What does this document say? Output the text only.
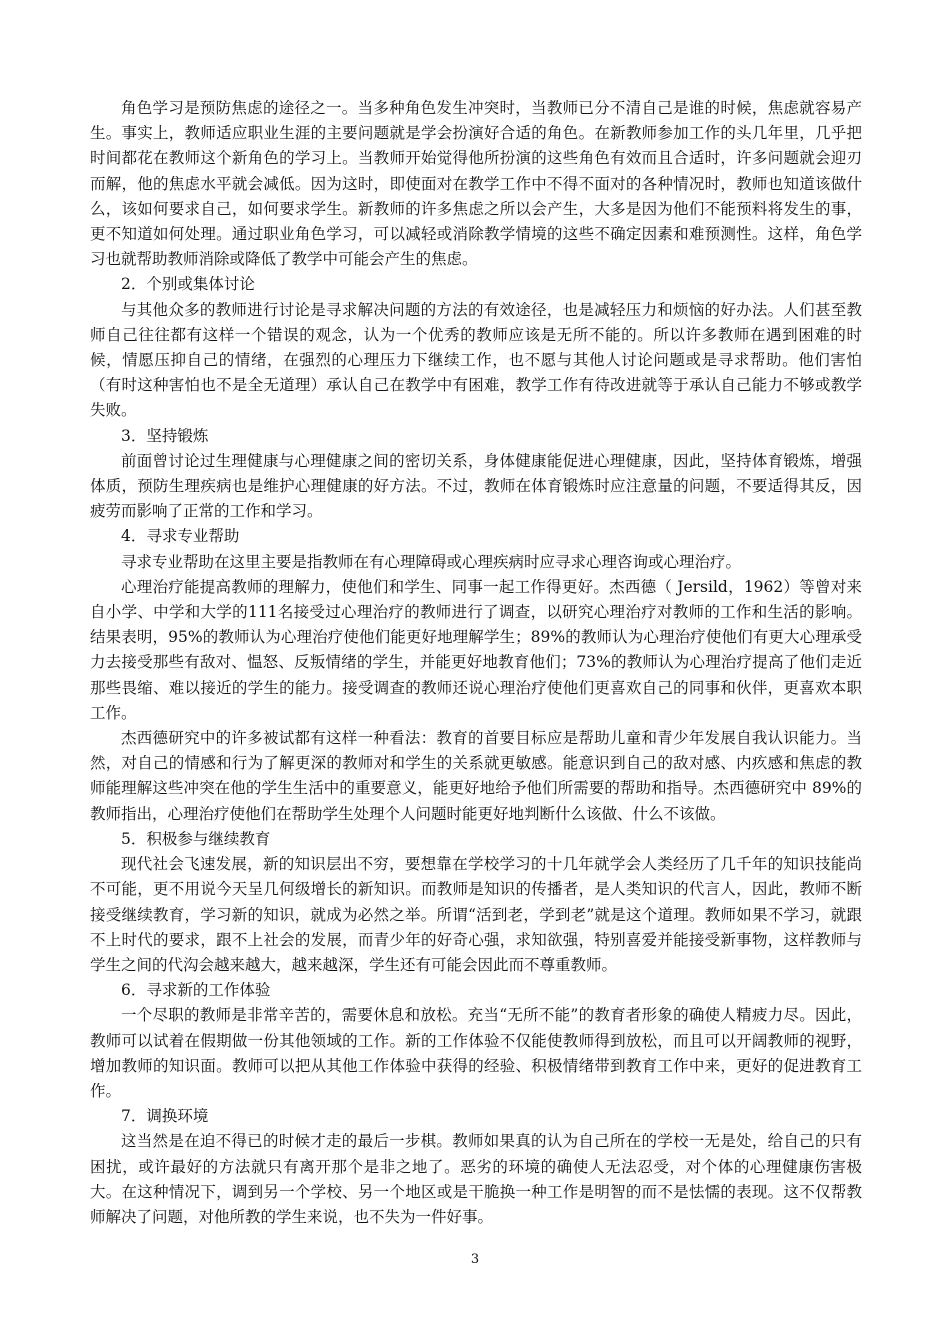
角色学习是预防焦虑的途径之一。当多种角色发生冲突时，当教师已分不清自己是谁的时候，焦虑就容易产生。事实上，教师适应职业生涯的主要问题就是学会扮演好合适的角色。在新教师参加工作的头几年里，几乎把时间都花在教师这个新角色的学习上。当教师开始觉得他所扮演的这些角色有效而且合适时，许多问题就会迎刃而解，他的焦虑水平就会减低。因为这时，即使面对在教学工作中不得不面对的各种情况时，教师也知道该做什么，该如何要求自己，如何要求学生。新教师的许多焦虑之所以会产生，大多是因为他们不能预料将发生的事，更不知道如何处理。通过职业角色学习，可以减轻或消除教学情境的这些不确定因素和难预测性。这样，角色学习也就帮助教师消除或降低了教学中可能会产生的焦虑。

2．个别或集体讨论

与其他众多的教师进行讨论是寻求解决问题的方法的有效途径，也是减轻压力和烦恼的好办法。人们甚至教师自己往往都有这样一个错误的观念，认为一个优秀的教师应该是无所不能的。所以许多教师在遇到困难的时候，情愿压抑自己的情绪，在强烈的心理压力下继续工作，也不愿与其他人讨论问题或是寻求帮助。他们害怕（有时这种害怕也不是全无道理）承认自己在教学中有困难，教学工作有待改进就等于承认自己能力不够或教学失败。

3．坚持锻炼

前面曾讨论过生理健康与心理健康之间的密切关系，身体健康能促进心理健康，因此，坚持体育锻炼，增强体质，预防生理疾病也是维护心理健康的好方法。不过，教师在体育锻炼时应注意量的问题，不要适得其反，因疲劳而影响了正常的工作和学习。

4．寻求专业帮助

寻求专业帮助在这里主要是指教师在有心理障碍或心理疾病时应寻求心理咨询或心理治疗。

心理治疗能提高教师的理解力，使他们和学生、同事一起工作得更好。杰西德（ Jersild，1962）等曾对来自小学、中学和大学的111名接受过心理治疗的教师进行了调查，以研究心理治疗对教师的工作和生活的影响。结果表明，95%的教师认为心理治疗使他们能更好地理解学生；89%的教师认为心理治疗使他们有更大心理承受力去接受那些有敌对、愠怒、反叛情绪的学生，并能更好地教育他们；73%的教师认为心理治疗提高了他们走近那些畏缩、难以接近的学生的能力。接受调查的教师还说心理治疗使他们更喜欢自己的同事和伙伴，更喜欢本职工作。

杰西德研究中的许多被试都有这样一种看法：教育的首要目标应是帮助儿童和青少年发展自我认识能力。当然，对自己的情感和行为了解更深的教师对和学生的关系就更敏感。能意识到自己的敌对感、内疚感和焦虑的教师能理解这些冲突在他的学生生活中的重要意义，能更好地给予他们所需要的帮助和指导。杰西德研究中 89%的教师指出，心理治疗使他们在帮助学生处理个人问题时能更好地判断什么该做、什么不该做。

5．积极参与继续教育

现代社会飞速发展，新的知识层出不穷，要想靠在学校学习的十几年就学会人类经历了几千年的知识技能尚不可能，更不用说今天呈几何级增长的新知识。而教师是知识的传播者，是人类知识的代言人，因此，教师不断接受继续教育，学习新的知识，就成为必然之举。所谓“活到老，学到老”就是这个道理。教师如果不学习，就跟不上时代的要求，跟不上社会的发展，而青少年的好奇心强，求知欲强，特别喜爱并能接受新事物，这样教师与学生之间的代沟会越来越大，越来越深，学生还有可能会因此而不尊重教师。

6．寻求新的工作体验

一个尽职的教师是非常辛苦的，需要休息和放松。充当“无所不能”的教育者形象的确使人精疲力尽。因此，教师可以试着在假期做一份其他领域的工作。新的工作体验不仅能使教师得到放松，而且可以开阔教师的视野，增加教师的知识面。教师可以把从其他工作体验中获得的经验、积极情绪带到教育工作中来，更好的促进教育工作。

7．调换环境

这当然是在迫不得已的时候才走的最后一步棋。教师如果真的认为自己所在的学校一无是处，给自己的只有困扰，或许最好的方法就只有离开那个是非之地了。恶劣的环境的确使人无法忍受，对个体的心理健康伤害极大。在这种情况下，调到另一个学校、另一个地区或是干脆换一种工作是明智的而不是怯懦的表现。这不仅帮教师解决了问题，对他所教的学生来说，也不失为一件好事。

3
